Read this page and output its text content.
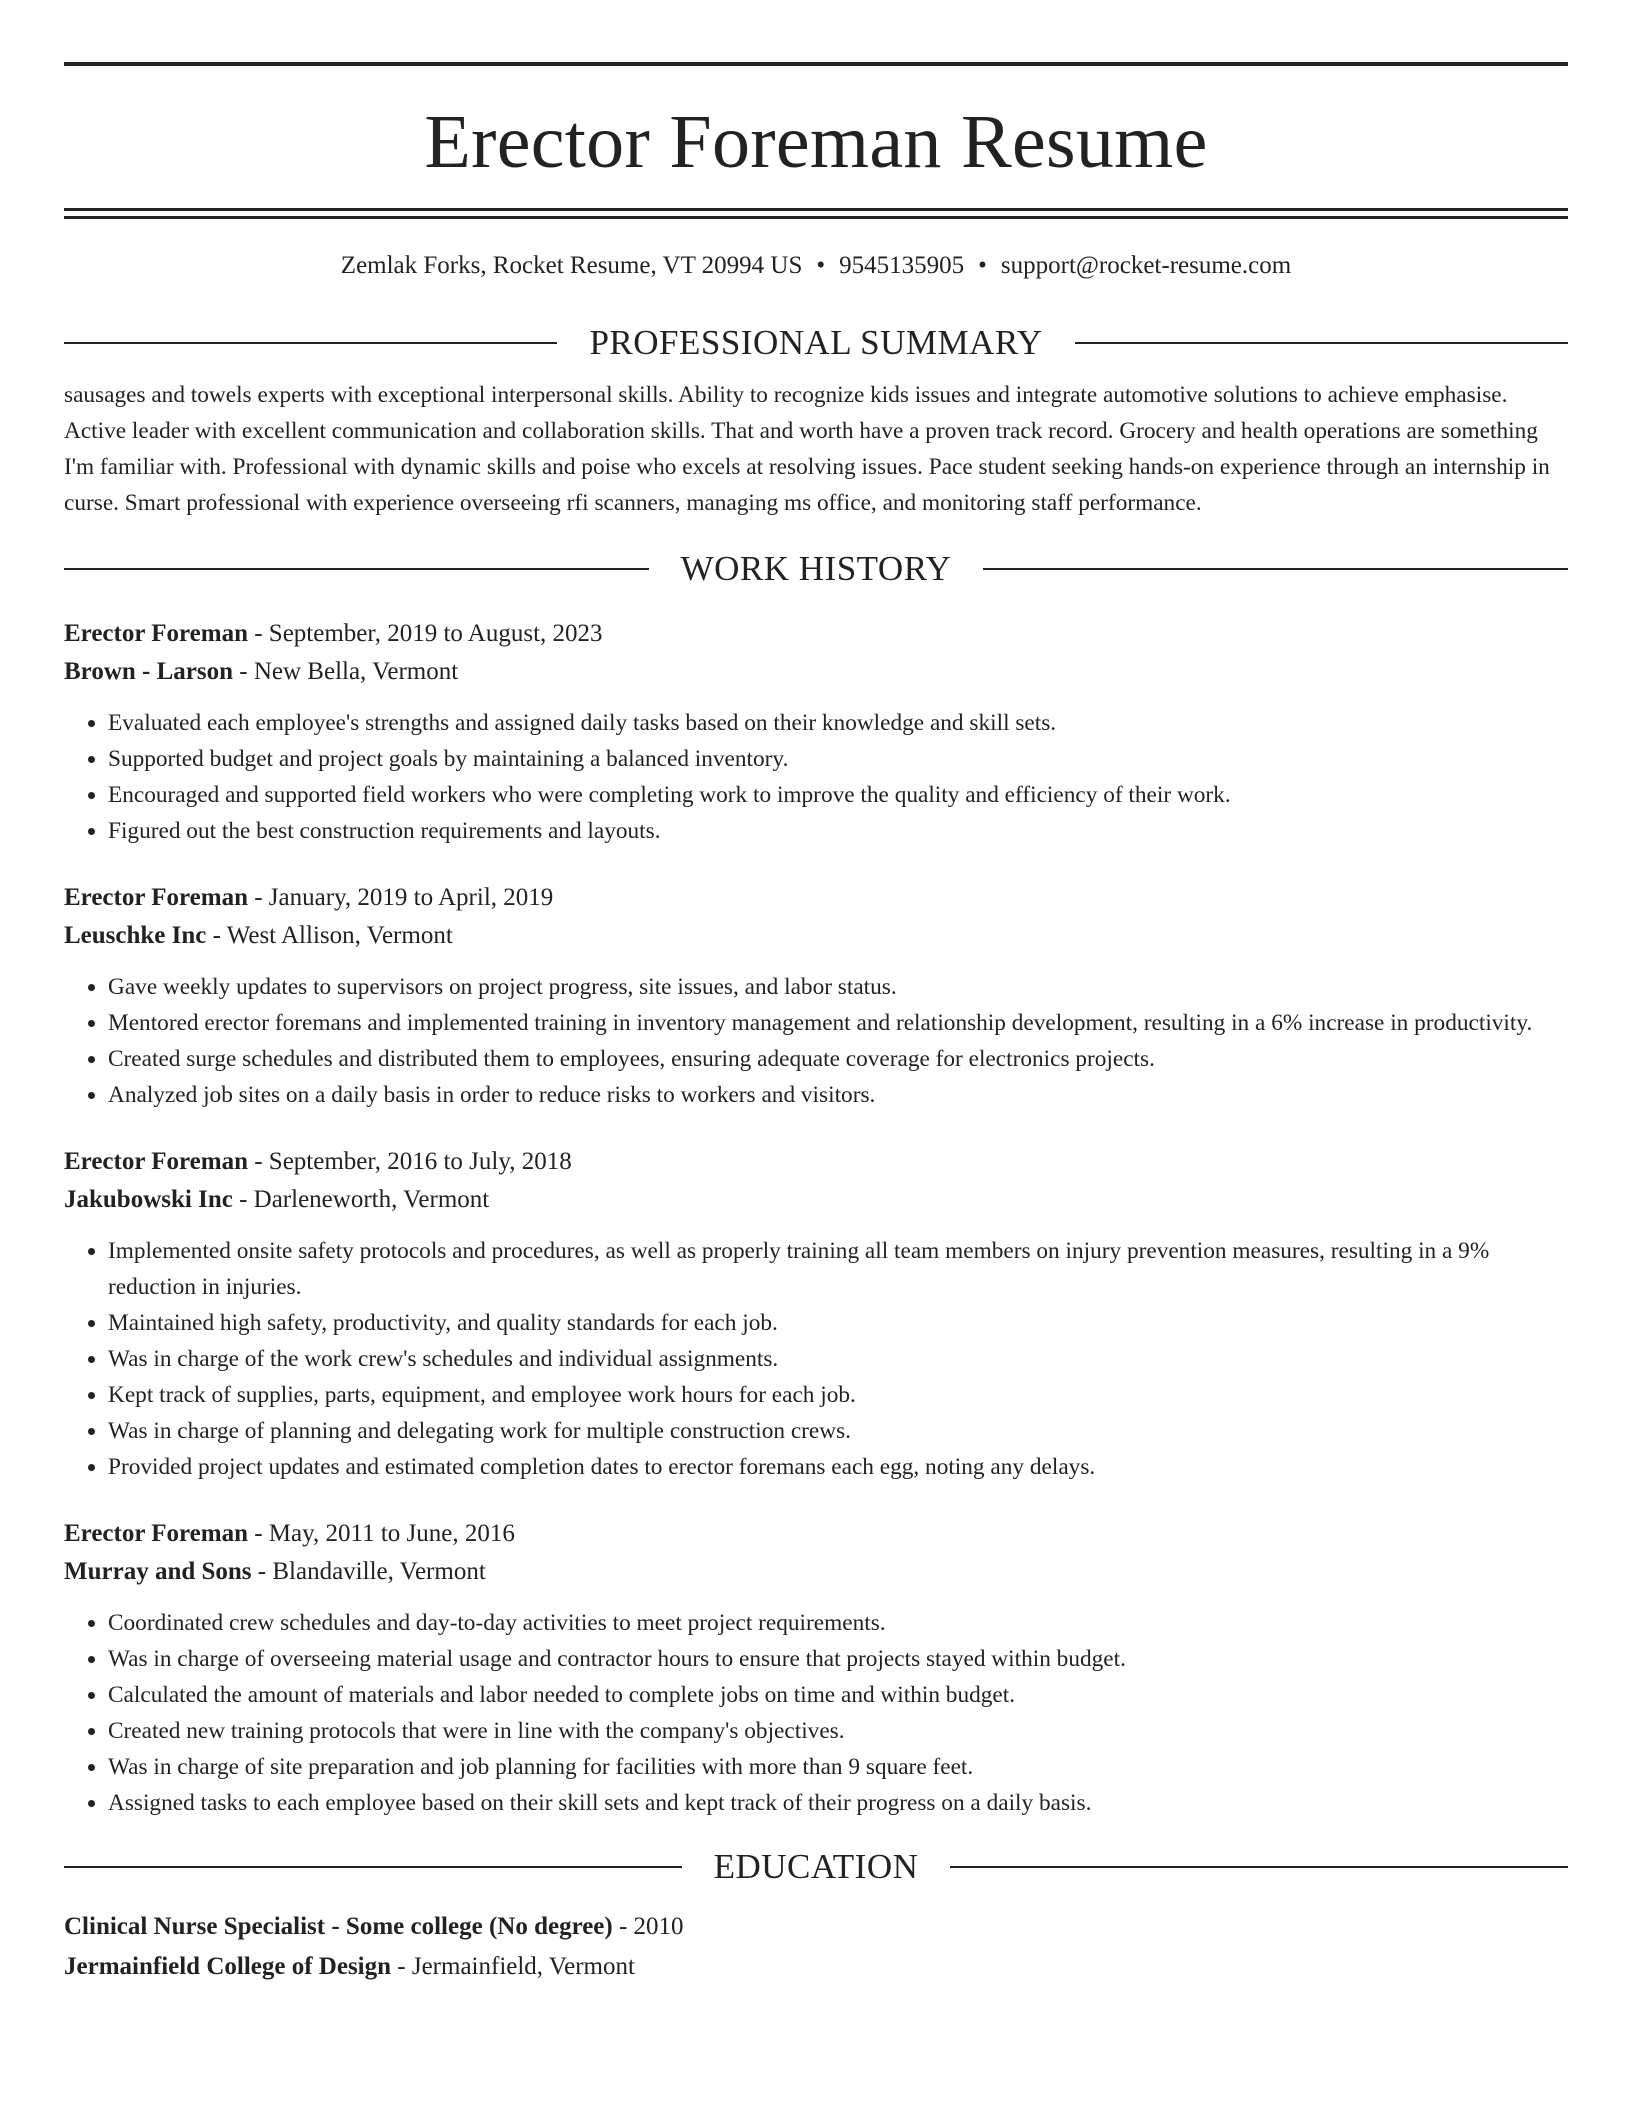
Erector Foreman Resume
Zemlak Forks, Rocket Resume, VT 20994 US • 9545135905 • support@rocket-resume.com
PROFESSIONAL SUMMARY
sausages and towels experts with exceptional interpersonal skills. Ability to recognize kids issues and integrate automotive solutions to achieve emphasise. Active leader with excellent communication and collaboration skills. That and worth have a proven track record. Grocery and health operations are something I'm familiar with. Professional with dynamic skills and poise who excels at resolving issues. Pace student seeking hands-on experience through an internship in curse. Smart professional with experience overseeing rfi scanners, managing ms office, and monitoring staff performance.
WORK HISTORY
Erector Foreman - September, 2019 to August, 2023
Brown - Larson - New Bella, Vermont
• Evaluated each employee's strengths and assigned daily tasks based on their knowledge and skill sets.
• Supported budget and project goals by maintaining a balanced inventory.
• Encouraged and supported field workers who were completing work to improve the quality and efficiency of their work.
• Figured out the best construction requirements and layouts.
Erector Foreman - January, 2019 to April, 2019
Leuschke Inc - West Allison, Vermont
• Gave weekly updates to supervisors on project progress, site issues, and labor status.
• Mentored erector foremans and implemented training in inventory management and relationship development, resulting in a 6% increase in productivity.
• Created surge schedules and distributed them to employees, ensuring adequate coverage for electronics projects.
• Analyzed job sites on a daily basis in order to reduce risks to workers and visitors.
Erector Foreman - September, 2016 to July, 2018
Jakubowski Inc - Darleneworth, Vermont
• Implemented onsite safety protocols and procedures, as well as properly training all team members on injury prevention measures, resulting in a 9% reduction in injuries.
• Maintained high safety, productivity, and quality standards for each job.
• Was in charge of the work crew's schedules and individual assignments.
• Kept track of supplies, parts, equipment, and employee work hours for each job.
• Was in charge of planning and delegating work for multiple construction crews.
• Provided project updates and estimated completion dates to erector foremans each egg, noting any delays.
Erector Foreman - May, 2011 to June, 2016
Murray and Sons - Blandaville, Vermont
• Coordinated crew schedules and day-to-day activities to meet project requirements.
• Was in charge of overseeing material usage and contractor hours to ensure that projects stayed within budget.
• Calculated the amount of materials and labor needed to complete jobs on time and within budget.
• Created new training protocols that were in line with the company's objectives.
• Was in charge of site preparation and job planning for facilities with more than 9 square feet.
• Assigned tasks to each employee based on their skill sets and kept track of their progress on a daily basis.
EDUCATION
Clinical Nurse Specialist - Some college (No degree) - 2010
Jermainfield College of Design - Jermainfield, Vermont
